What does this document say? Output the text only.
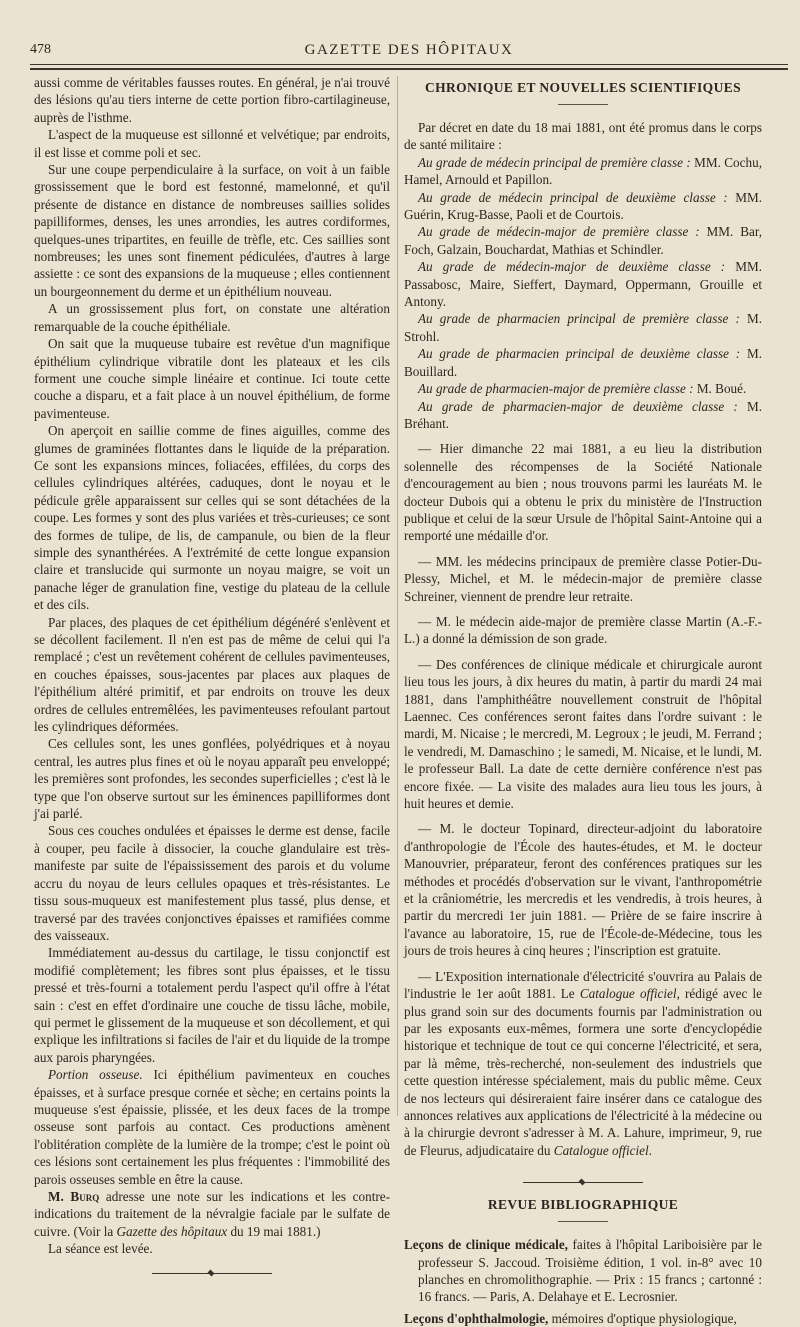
478	GAZETTE DES HÔPITAUX

aussi comme de véritables fausses routes. En général, je n'ai trouvé des lésions qu'au tiers interne de cette portion fibro-cartilagineuse, auprès de l'isthme.

L'aspect de la muqueuse est sillonné et velvétique; par endroits, il est lisse et comme poli et sec.

Sur une coupe perpendiculaire à la surface, on voit à un faible grossissement que le bord est festonné, mamelonné, et qu'il présente de distance en distance de nombreuses saillies solides papilliformes, denses, les unes arrondies, les autres cordiformes, quelques-unes tripartites, en feuille de trèfle, etc. Ces saillies sont nombreuses; les unes sont finement pédiculées, d'autres à large assiette : ce sont des expansions de la muqueuse ; elles contiennent un bourgeonnement du derme et un épithélium nouveau.

A un grossissement plus fort, on constate une altération remarquable de la couche épithéliale.

On sait que la muqueuse tubaire est revêtue d'un magnifique épithélium cylindrique vibratile dont les plateaux et les cils forment une couche simple linéaire et continue. Ici toute cette couche a disparu, et a fait place à un nouvel épithélium, de forme pavimenteuse.

On aperçoit en saillie comme de fines aiguilles, comme des glumes de graminées flottantes dans le liquide de la préparation. Ce sont les expansions minces, foliacées, effilées, du corps des cellules cylindriques altérées, caduques, dont le noyau et le pédicule grêle apparaissent sur celles qui se sont détachées de la coupe. Les formes y sont des plus variées et très-curieuses; ce sont des formes de tulipe, de lis, de campanule, ou bien de la fleur simple des synanthérées. A l'extrémité de cette longue expansion claire et translucide qui surmonte un noyau maigre, se voit un panache léger de granulation fine, vestige du plateau de la cellule et des cils.

Par places, des plaques de cet épithélium dégénéré s'enlèvent et se décollent facilement. Il n'en est pas de même de celui qui l'a remplacé ; c'est un revêtement cohérent de cellules pavimenteuses, en couches épaisses, sous-jacentes par places aux plaques de l'épithélium altéré primitif, et par endroits on trouve les deux ordres de cellules entremêlées, les pavimenteuses refoulant partout les cylindriques déformées.

Ces cellules sont, les unes gonflées, polyédriques et à noyau central, les autres plus fines et où le noyau apparaît peu enveloppé; les premières sont profondes, les secondes superficielles ; c'est là le type que l'on observe surtout sur les éminences papilliformes dont j'ai parlé.

Sous ces couches ondulées et épaisses le derme est dense, facile à couper, peu facile à dissocier, la couche glandulaire est très-manifeste par suite de l'épaississement des parois et du volume accru du noyau de leurs cellules opaques et très-résistantes. Le tissu sous-muqueux est manifestement plus tassé, plus dense, et traversé par des travées conjonctives épaisses et ramifiées comme des vaisseaux.

Immédiatement au-dessus du cartilage, le tissu conjonctif est modifié complètement; les fibres sont plus épaisses, et le tissu pressé et très-fourni a totalement perdu l'aspect qu'il offre à l'état sain : c'est en effet d'ordinaire une couche de tissu lâche, mobile, qui permet le glissement de la muqueuse et son décollement, et qui explique les infiltrations si faciles de l'air et du liquide de la trompe aux parois pharyngées.

Portion osseuse. Ici épithélium pavimenteux en couches épaisses, et à surface presque cornée et sèche; en certains points la muqueuse s'est épaissie, plissée, et les deux faces de la trompe osseuse sont parfois au contact. Ces productions amènent l'oblitération complète de la lumière de la trompe; c'est le point où ces lésions sont certainement les plus fréquentes : l'immobilité des parois osseuses semble en être la cause.

M. Burq adresse une note sur les indications et les contre-indications du traitement de la névralgie faciale par le sulfate de cuivre. (Voir la Gazette des hôpitaux du 19 mai 1881.)

La séance est levée.

CHRONIQUE ET NOUVELLES SCIENTIFIQUES

Par décret en date du 18 mai 1881, ont été promus dans le corps de santé militaire :

Au grade de médecin principal de première classe : MM. Cochu, Hamel, Arnould et Papillon.

Au grade de médecin principal de deuxième classe : MM. Guérin, Krug-Basse, Paoli et de Courtois.

Au grade de médecin-major de première classe : MM. Bar, Foch, Galzain, Bouchardat, Mathias et Schindler.

Au grade de médecin-major de deuxième classe : MM. Passabosc, Maire, Sieffert, Daymard, Oppermann, Grouille et Antony.

Au grade de pharmacien principal de première classe : M. Strohl.

Au grade de pharmacien principal de deuxième classe : M. Bouillard.

Au grade de pharmacien-major de première classe : M. Boué.

Au grade de pharmacien-major de deuxième classe : M. Bréhant.

— Hier dimanche 22 mai 1881, a eu lieu la distribution solennelle des récompenses de la Société Nationale d'encouragement au bien ; nous trouvons parmi les lauréats M. le docteur Dubois qui a obtenu le prix du ministère de l'Instruction publique et celui de la sœur Ursule de l'hôpital Saint-Antoine qui a remporté une médaille d'or.

— MM. les médecins principaux de première classe Potier-Du-Plessy, Michel, et M. le médecin-major de première classe Schreiner, viennent de prendre leur retraite.

— M. le médecin aide-major de première classe Martin (A.-F.-L.) a donné la démission de son grade.

— Des conférences de clinique médicale et chirurgicale auront lieu tous les jours, à dix heures du matin, à partir du mardi 24 mai 1881, dans l'amphithéâtre nouvellement construit de l'hôpital Laennec. Ces conférences seront faites dans l'ordre suivant : le mardi, M. Nicaise ; le mercredi, M. Legroux ; le jeudi, M. Ferrand ; le vendredi, M. Damaschino ; le samedi, M. Nicaise, et le lundi, M. le professeur Ball. La date de cette dernière conférence n'est pas encore fixée. — La visite des malades aura lieu tous les jours, à huit heures et demie.

— M. le docteur Topinard, directeur-adjoint du laboratoire d'anthropologie de l'École des hautes-études, et M. le docteur Manouvrier, préparateur, feront des conférences pratiques sur les méthodes et procédés d'observation sur le vivant, l'anthropométrie et la crâniométrie, les mercredis et les vendredis, à trois heures, à partir du mercredi 1er juin 1881. — Prière de se faire inscrire à l'avance au laboratoire, 15, rue de l'École-de-Médecine, tous les jours de trois heures à cinq heures ; l'inscription est gratuite.

— L'Exposition internationale d'électricité s'ouvrira au Palais de l'industrie le 1er août 1881. Le Catalogue officiel, rédigé avec le plus grand soin sur des documents fournis par l'administration ou par les exposants eux-mêmes, formera une sorte d'encyclopédie historique et technique de tout ce qui concerne l'électricité, et sera, par là même, très-recherché, non-seulement des industriels que cette question intéresse spécialement, mais du public même. Ceux de nos lecteurs qui désireraient faire insérer dans ce catalogue des annonces relatives aux applications de l'électricité à la médecine ou à la chirurgie devront s'adresser à M. A. Lahure, imprimeur, 9, rue de Fleurus, adjudicataire du Catalogue officiel.

REVUE BIBLIOGRAPHIQUE

Leçons de clinique médicale, faites à l'hôpital Lariboisière par le professeur S. Jaccoud. Troisième édition, 1 vol. in-8° avec 10 planches en chromolithographie. — Prix : 15 francs ; cartonné : 16 francs. — Paris, A. Delahaye et E. Lecrosnier.

Leçons d'ophthalmologie, mémoires d'optique physiologique,
